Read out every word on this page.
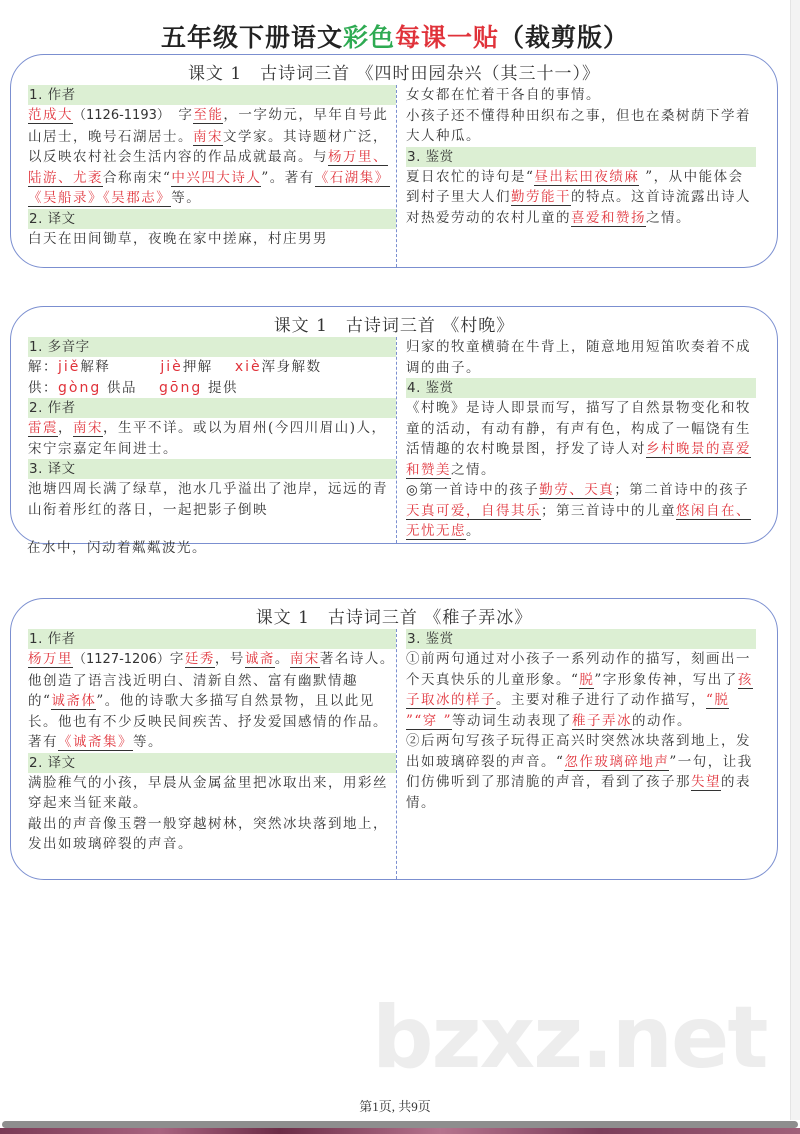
五年级下册语文彩色每课一贴（裁剪版）
课文 1　古诗词三首 《四时田园杂兴（其三十一）》
1. 作者
范成大（1126-1193）　字至能，一字幼元，早年自号此山居士，晚号石湖居士。南宋文学家。其诗题材广泛，以反映农村社会生活内容的作品成就最高。与杨万里、陆游、尤袤合称南宋“中兴四大诗人”。著有《石湖集》《吴船录》《吴郡志》等。
2. 译文
白天在田间锄草，夜晚在家中搓麻，村庄男男
女女都在忙着干各自的事情。
小孩子还不懂得种田织布之事，但也在桑树荫下学着大人种瓜。
3. 鉴赏
夏日农忙的诗句是“昼出耘田夜绩麻 ”，从中能体会到村子里大人们勤劳能干的特点。这首诗流露出诗人对热爱劳动的农村儿童的喜爱和赞扬之情。
课文 1　古诗词三首 《村晚》
1. 多音字
解：jiě解释	jiè押解 xiè浑身解数
供：gòng 供品 gōng 提供
2. 作者
雷震，南宋，生平不详。或以为眉州(今四川眉山)人，宋宁宗嘉定年间进士。
3. 译文
池塘四周长满了绿草，池水几乎溢出了池岸，远远的青山衔着彤红的落日，一起把影子倒映
归家的牧童横骑在牛背上，随意地用短笛吹奏着不成调的曲子。
4. 鉴赏
《村晚》是诗人即景而写，描写了自然景物变化和牧童的活动，有动有静，有声有色，构成了一幅饶有生活情趣的农村晚景图，抒发了诗人对乡村晚景的喜爱和赞美之情。
◎第一首诗中的孩子勤劳、天真；第二首诗中的孩子天真可爱，自得其乐；第三首诗中的儿童悠闲自在、无忧无虑。
在水中，闪动着粼粼波光。
课文 1　古诗词三首 《稚子弄冰》
1. 作者
杨万里（1127-1206）字廷秀，号诚斋。南宋著名诗人。他创造了语言浅近明白、清新自然、富有幽默情趣的“诚斋体”。他的诗歌大多描写自然景物，且以此见长。他也有不少反映民间疾苦、抒发爱国感情的作品。著有《诚斋集》等。
2. 译文
满脸稚气的小孩，早晨从金属盆里把冰取出来，用彩丝穿起来当钲来敲。
敲出的声音像玉磬一般穿越树林，突然冰块落到地上，发出如玻璃碎裂的声音。
3. 鉴赏
①前两句通过对小孩子一系列动作的描写，刻画出一个天真快乐的儿童形象。“脱”字形象传神，写出了孩子取冰的样子。主要对稚子进行了动作描写，“脱 ”“穿 ”等动词生动表现了稚子弄冰的动作。
②后两句写孩子玩得正高兴时突然冰块落到地上，发出如玻璃碎裂的声音。“忽作玻璃碎地声”一句，让我们仿佛听到了那清脆的声音，看到了孩子那失望的表情。
bzxz.net
第1页, 共9页
